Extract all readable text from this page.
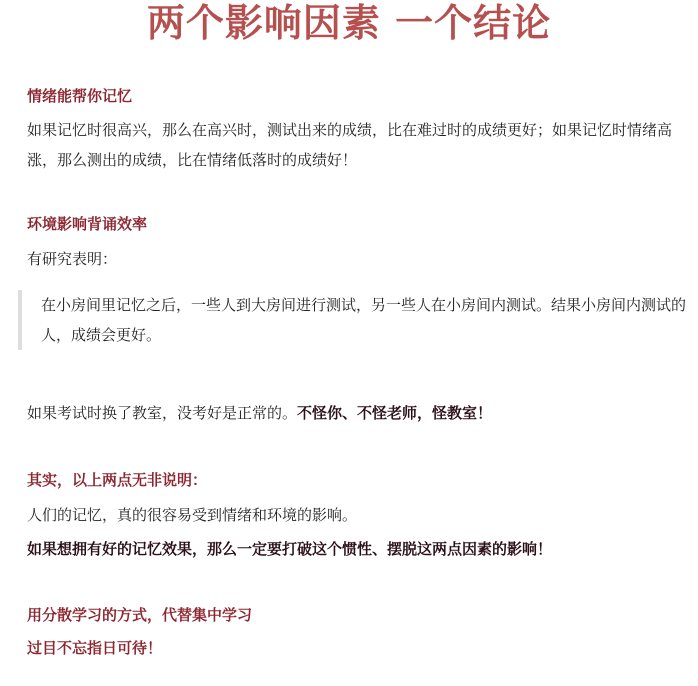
两个影响因素 一个结论
情绪能帮你记忆
如果记忆时很高兴，那么在高兴时，测试出来的成绩，比在难过时的成绩更好；如果记忆时情绪高涨，那么测出的成绩，比在情绪低落时的成绩好！
环境影响背诵效率
有研究表明：
在小房间里记忆之后，一些人到大房间进行测试，另一些人在小房间内测试。结果小房间内测试的人，成绩会更好。
如果考试时换了教室，没考好是正常的。不怪你、不怪老师，怪教室！
其实，以上两点无非说明：
人们的记忆，真的很容易受到情绪和环境的影响。
如果想拥有好的记忆效果，那么一定要打破这个惯性、摆脱这两点因素的影响！
用分散学习的方式，代替集中学习
过目不忘指日可待！
